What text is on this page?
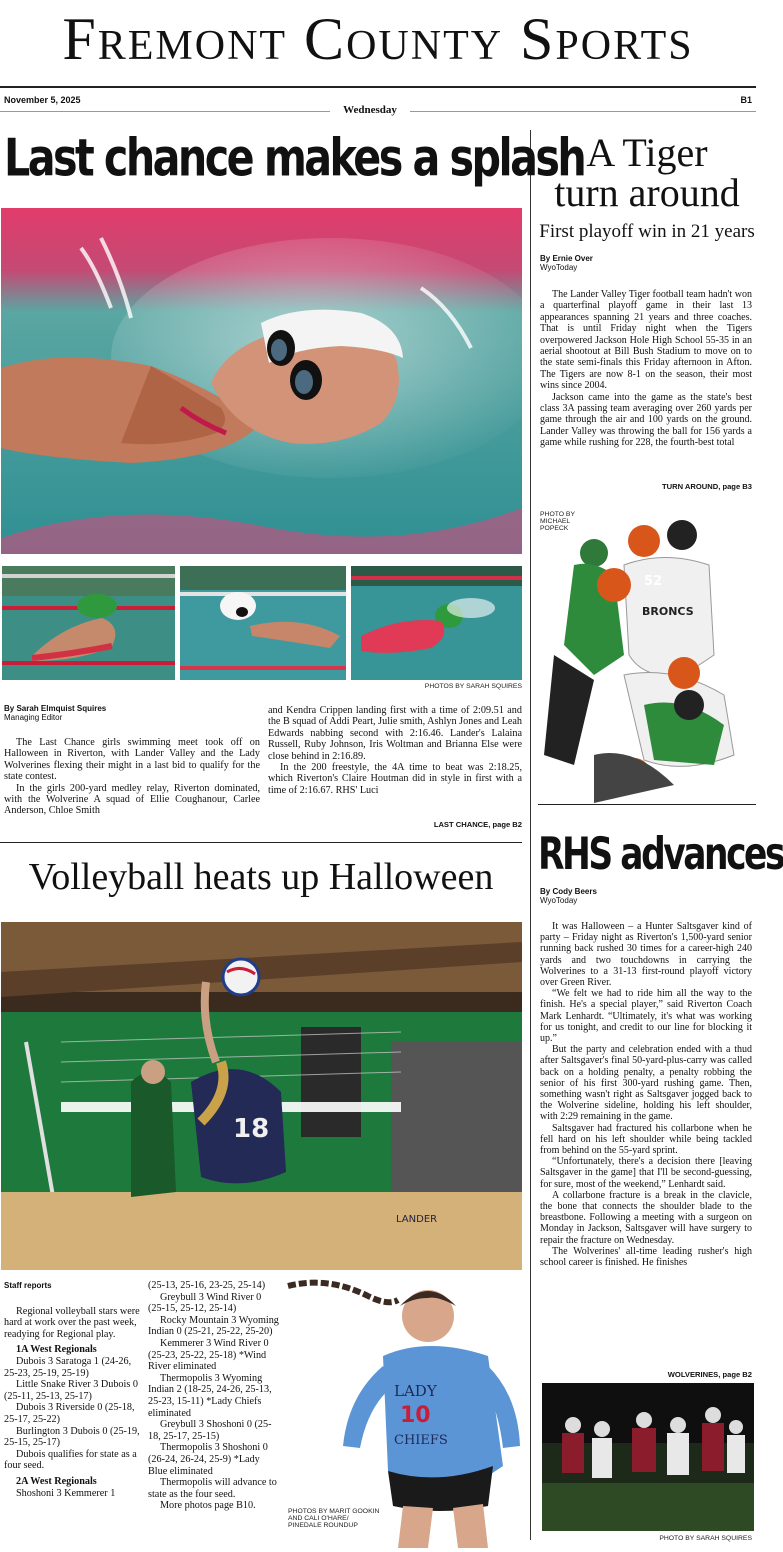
Fremont County Sports
November 5, 2025
Wednesday
B1
Last chance makes a splash
PHOTOS BY SARAH SQUIRES
By Sarah Elmquist Squires
Managing Editor

The Last Chance girls swimming meet took off on Halloween in Riverton, with Lander Valley and the Lady Wolverines flexing their might in a last bid to qualify for the state contest.

In the girls 200-yard medley relay, Riverton dominated, with the Wolverine A squad of Ellie Coughanour, Carlee Anderson, Chloe Smith

and Kendra Crippen landing first with a time of 2:09.51 and the B squad of Addi Peart, Julie smith, Ashlyn Jones and Leah Edwards nabbing second with 2:16.46. Lander's Lalaina Russell, Ruby Johnson, Iris Woltman and Brianna Else were close behind in 2:16.89.

In the 200 freestyle, the 4A time to beat was 2:18.25, which Riverton's Claire Houtman did in style in first with a time of 2:16.67. RHS' Luci

LAST CHANCE, page B2
A Tiger
turn around
First playoff win in 21 years
By Ernie Over
WyoToday

The Lander Valley Tiger football team hadn't won a quarterfinal playoff game in their last 13 appearances spanning 21 years and three coaches. That is until Friday night when the Tigers overpowered Jackson Hole High School 55-35 in an aerial shootout at Bill Bush Stadium to move on to the state semi-finals this Friday afternoon in Afton. The Tigers are now 8-1 on the season, their most wins since 2004.

Jackson came into the game as the state's best class 3A passing team averaging over 260 yards per game through the air and 100 yards on the ground. Lander Valley was throwing the ball for 156 yards a game while rushing for 228, the fourth-best total

TURN AROUND, page B3
BRONCS
52
PHOTO BY
MICHAEL
POPECK
RHS advances
By Cody Beers
WyoToday

It was Halloween – a Hunter Saltsgaver kind of party – Friday night as Riverton's 1,500-yard senior running back rushed 30 times for a career-high 240 yards and two touchdowns in carrying the Wolverines to a 31-13 first-round playoff victory over Green River.

“We felt we had to ride him all the way to the finish. He's a special player,” said Riverton Coach Mark Lenhardt. “Ultimately, it's what was working for us tonight, and credit to our line for blocking it up.”

But the party and celebration ended with a thud after Saltsgaver's final 50-yard-plus-carry was called back on a holding penalty, a penalty robbing the senior of his first 300-yard rushing game. Then, something wasn't right as Saltsgaver jogged back to the Wolverine sideline, holding his left shoulder, with 2:29 remaining in the game.

Saltsgaver had fractured his collarbone when he fell hard on his left shoulder while being tackled from behind on the 55-yard sprint.

“Unfortunately, there's a decision there [leaving Saltsgaver in the game] that I'll be second-guessing, for sure, most of the weekend,” Lenhardt said.

A collarbone fracture is a break in the clavicle, the bone that connects the shoulder blade to the breastbone. Following a meeting with a surgeon on Monday in Jackson, Saltsgaver will have surgery to repair the fracture on Wednesday.

The Wolverines' all-time leading rusher's high school career is finished. He finishes

WOLVERINES, page B2
PHOTO BY SARAH SQUIRES
Volleyball heats up Halloween
18
LANDER
Staff reports

Regional volleyball stars were hard at work over the past week, readying for Regional play.

1A West Regionals

Dubois 3 Saratoga 1 (24-26, 25-23, 25-19, 25-19)

Little Snake River 3 Dubois 0 (25-11, 25-13, 25-17)

Dubois 3 Riverside 0 (25-18, 25-17, 25-22)

Burlington 3 Dubois 0 (25-19, 25-15, 25-17)

Dubois qualifies for state as a four seed.

2A West Regionals

Shoshoni 3 Kemmerer 1

(25-13, 25-16, 23-25, 25-14)

Greybull 3 Wind River 0 (25-15, 25-12, 25-14)

Rocky Mountain 3 Wyoming Indian 0 (25-21, 25-22, 25-20)

Kemmerer 3 Wind River 0 (25-23, 25-22, 25-18) *Wind River eliminated

Thermopolis 3 Wyoming Indian 2 (18-25, 24-26, 25-13, 25-23, 15-11) *Lady Chiefs eliminated

Greybull 3 Shoshoni 0 (25-18, 25-17, 25-15)

Thermopolis 3 Shoshoni 0 (26-24, 26-24, 25-9) *Lady Blue eliminated

Thermopolis will advance to state as the four seed.

More photos page B10.

LADY
10
CHIEFS
PHOTOS BY MARIT GOOKIN
AND CALI O'HARE/
PINEDALE ROUNDUP
